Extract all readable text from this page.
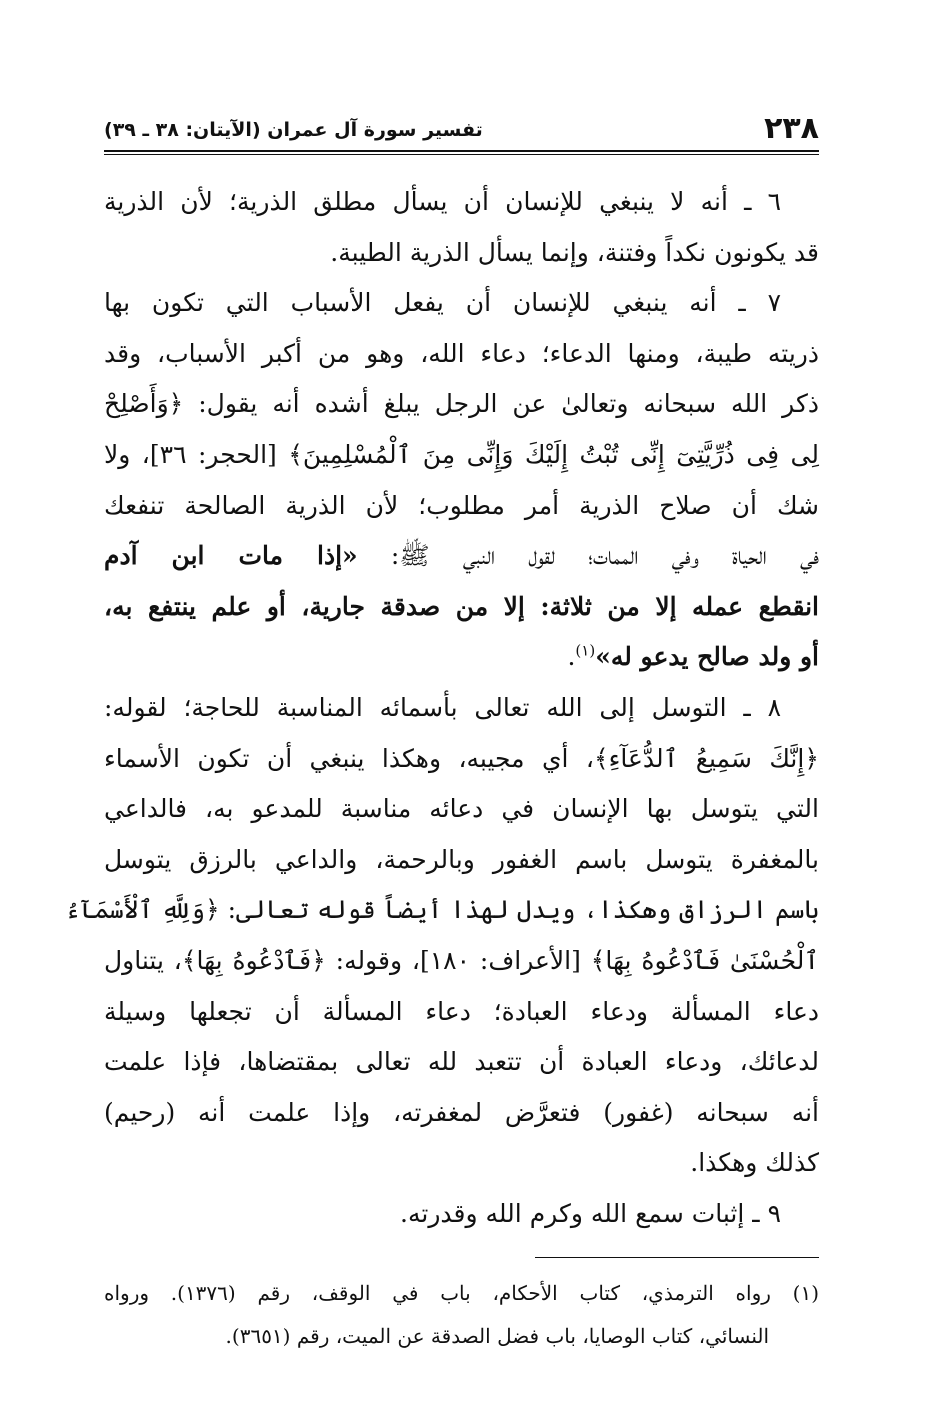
٢٣٨
تفسير سورة آل عمران (الآيتان: ٣٨ ـ ٣٩)

٦ ـ أنه لا ينبغي للإنسان أن يسأل مطلق الذرية؛ لأن الذرية
قد يكونون نكداً وفتنة، وإنما يسأل الذرية الطيبة.

٧ ـ أنه ينبغي للإنسان أن يفعل الأسباب التي تكون بها
ذريته طيبة، ومنها الدعاء؛ دعاء الله، وهو من أكبر الأسباب، وقد
ذكر الله سبحانه وتعالىٰ عن الرجل يبلغ أشده أنه يقول: ﴿وَأَصْلِحْ
لِى فِى ذُرِّيَّتِىٓ إِنِّى تُبْتُ إِلَيْكَ وَإِنِّى مِنَ ٱلْمُسْلِمِينَ﴾ [الحجر: ٣٦]، ولا
شك أن صلاح الذرية أمر مطلوب؛ لأن الذرية الصالحة تنفعك
في الحياة وفي الممات؛ لقول النبي ﷺ: «إذا مات ابن آدم
انقطع عمله إلا من ثلاثة: إلا من صدقة جارية، أو علم ينتفع به،
أو ولد صالح يدعو له»$^{(١)}$.

٨ ـ التوسل إلى الله تعالى بأسمائه المناسبة للحاجة؛ لقوله:
﴿إِنَّكَ سَمِيعُ ٱلدُّعَآءِ﴾، أي مجيبه، وهكذا ينبغي أن تكون الأسماء
التي يتوسل بها الإنسان في دعائه مناسبة للمدعو به، فالداعي
بالمغفرة يتوسل باسم الغفور وبالرحمة، والداعي بالرزق يتوسل
باسم الرزاق وهكذا، ويدل لهذا أيضاً قوله تعالى: ﴿وَلِلَّهِ ٱلْأَسْمَآءُ
ٱلْحُسْنَىٰ فَٱدْعُوهُ بِهَا﴾ [الأعراف: ١٨٠]، وقوله: ﴿فَٱدْعُوهُ بِهَا﴾، يتناول
دعاء المسألة ودعاء العبادة؛ دعاء المسألة أن تجعلها وسيلة
لدعائك، ودعاء العبادة أن تتعبد لله تعالى بمقتضاها، فإذا علمت
أنه سبحانه (غفور) فتعرَّض لمغفرته، وإذا علمت أنه (رحيم)
كذلك وهكذا.

٩ ـ إثبات سمع الله وكرم الله وقدرته.

(١) رواه الترمذي، كتاب الأحكام، باب في الوقف، رقم (١٣٧٦). ورواه
النسائي، كتاب الوصايا، باب فضل الصدقة عن الميت، رقم (٣٦٥١).
